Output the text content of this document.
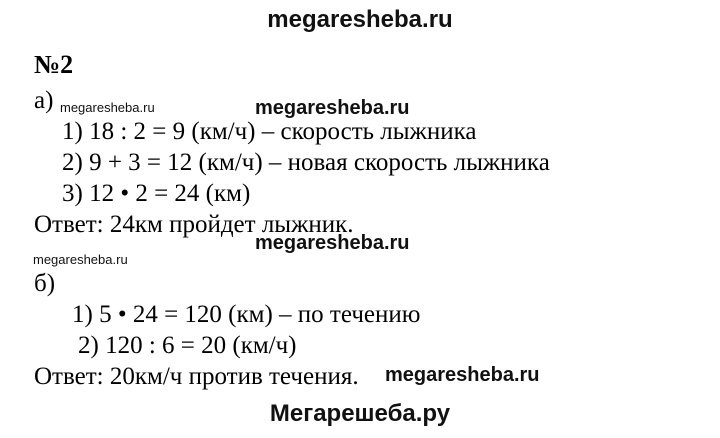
megaresheba.ru
№2
а) megaresheba.ru	megaresheba.ru
1) 18 : 2 = 9 (км/ч) – скорость лыжника
2) 9 + 3 = 12 (км/ч) – новая скорость лыжника
3) 12 • 2 = 24 (км)
Ответ: 24км пройдет лыжник.
megaresheba.ru
megaresheba.ru
б)
1) 5 • 24 = 120 (км) – по течению
2) 120 : 6 = 20 (км/ч)
Ответ: 20км/ч против течения. megaresheba.ru
Мегарешеба.ру
